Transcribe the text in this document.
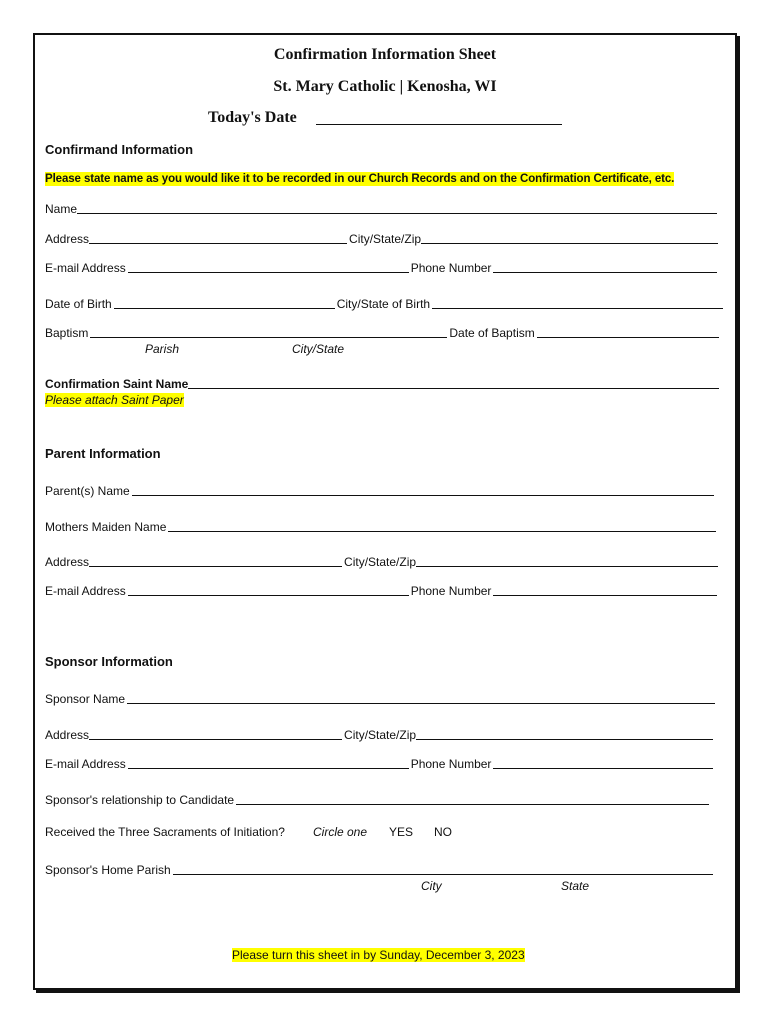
Confirmation Information Sheet
St. Mary Catholic | Kenosha, WI
Today's Date
Confirmand Information
Please state name as you would like it to be recorded in our Church Records and on the Confirmation Certificate, etc.
Name
Address	City/State/Zip
E-mail Address	Phone Number
Date of Birth	City/State of Birth
Baptism	Date of Baptism
Parish	City/State
Confirmation Saint Name
Please attach Saint Paper
Parent Information
Parent(s) Name
Mothers Maiden Name
Address	City/State/Zip
E-mail Address	Phone Number
Sponsor Information
Sponsor Name
Address	City/State/Zip
E-mail Address	Phone Number
Sponsor's relationship to Candidate
Received the Three Sacraments of Initiation? Circle one YES NO
Sponsor's Home Parish
City	State
Please turn this sheet in by Sunday, December 3, 2023
